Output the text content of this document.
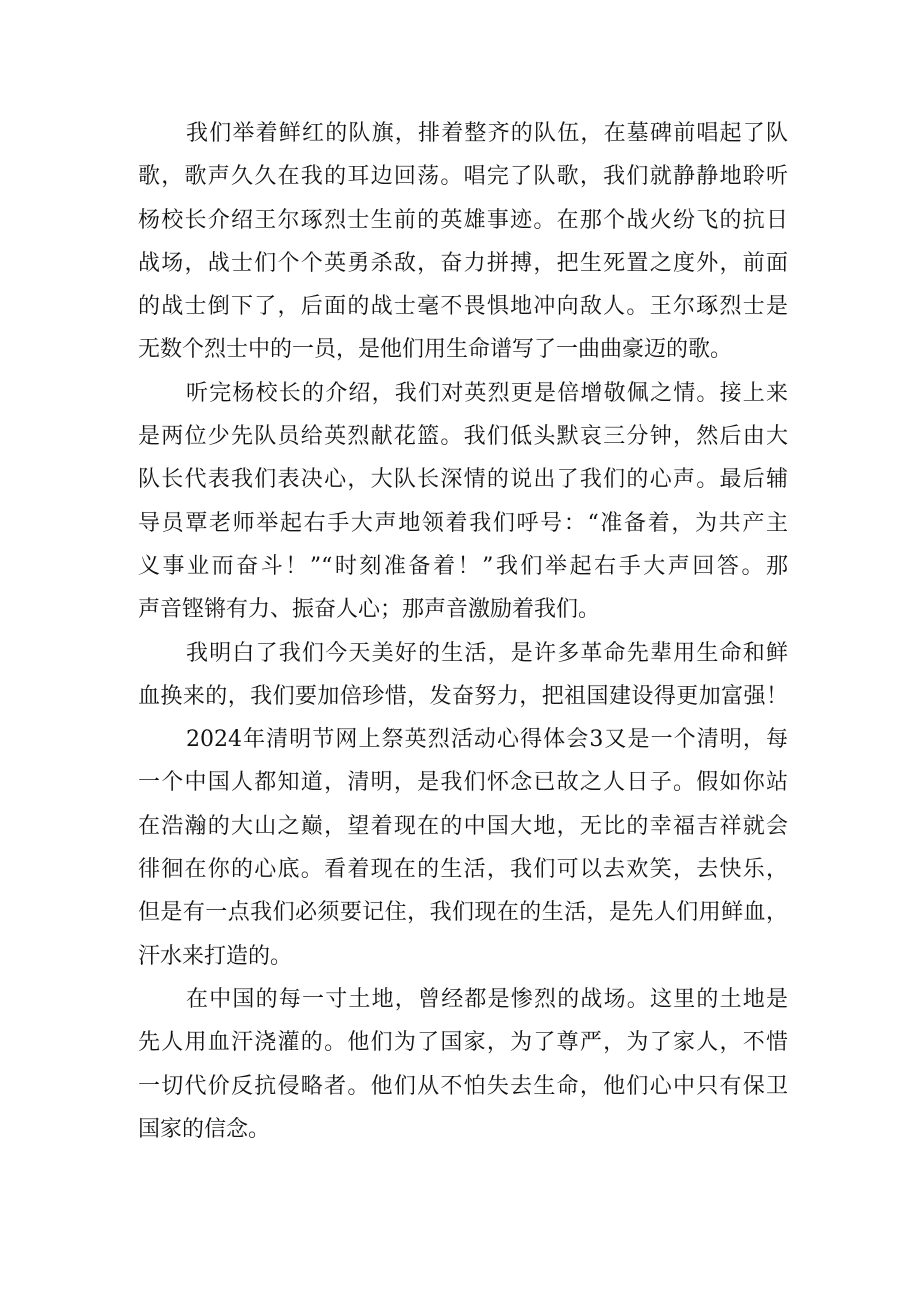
我们举着鲜红的队旗，排着整齐的队伍，在墓碑前唱起了队
歌，歌声久久在我的耳边回荡。唱完了队歌，我们就静静地聆听
杨校长介绍王尔琢烈士生前的英雄事迹。在那个战火纷飞的抗日
战场，战士们个个英勇杀敌，奋力拼搏，把生死置之度外，前面
的战士倒下了，后面的战士毫不畏惧地冲向敌人。王尔琢烈士是
无数个烈士中的一员，是他们用生命谱写了一曲曲豪迈的歌。
听完杨校长的介绍，我们对英烈更是倍增敬佩之情。接上来
是两位少先队员给英烈献花篮。我们低头默哀三分钟，然后由大
队长代表我们表决心，大队长深情的说出了我们的心声。最后辅
导员覃老师举起右手大声地领着我们呼号：“准备着，为共产主
义事业而奋斗！”“时刻准备着！”我们举起右手大声回答。那
声音铿锵有力、振奋人心；那声音激励着我们。
我明白了我们今天美好的生活，是许多革命先辈用生命和鲜
血换来的，我们要加倍珍惜，发奋努力，把祖国建设得更加富强！
2024年清明节网上祭英烈活动心得体会3又是一个清明，每
一个中国人都知道，清明，是我们怀念已故之人日子。假如你站
在浩瀚的大山之巅，望着现在的中国大地，无比的幸福吉祥就会
徘徊在你的心底。看着现在的生活，我们可以去欢笑，去快乐，
但是有一点我们必须要记住，我们现在的生活，是先人们用鲜血，
汗水来打造的。
在中国的每一寸土地，曾经都是惨烈的战场。这里的土地是
先人用血汗浇灌的。他们为了国家，为了尊严，为了家人，不惜
一切代价反抗侵略者。他们从不怕失去生命，他们心中只有保卫
国家的信念。
